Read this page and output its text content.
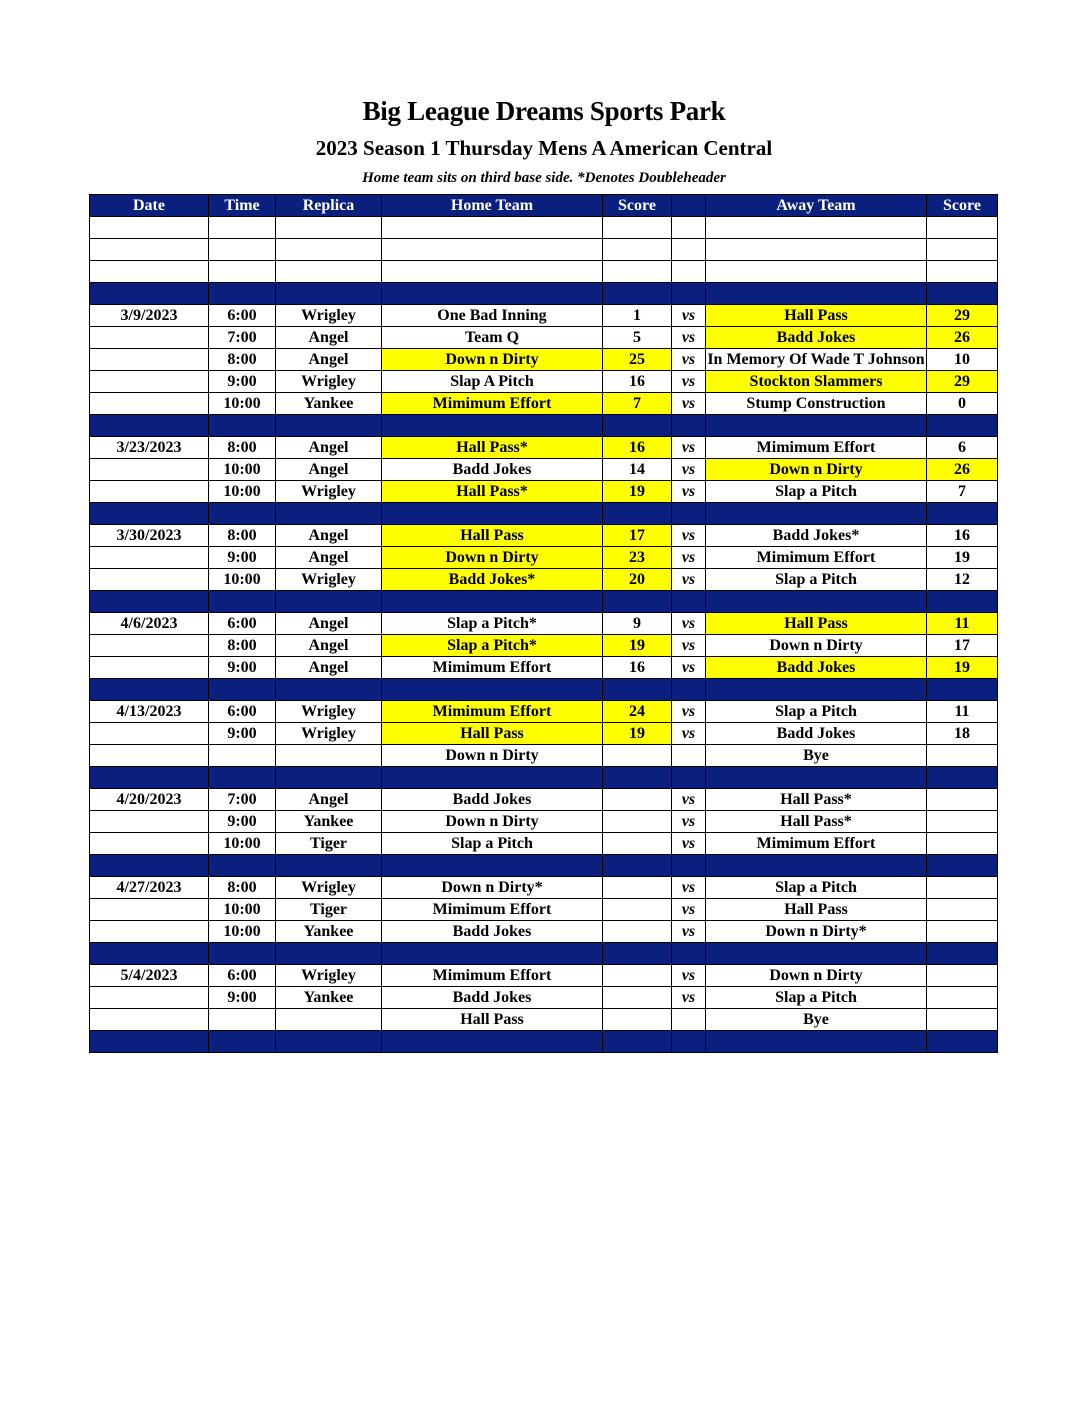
Big League Dreams Sports Park
2023 Season 1 Thursday Mens A American Central
Home team sits on third base side. *Denotes Doubleheader
Date	Time	Replica	Home Team	Score		Away Team	Score

3/9/2023	6:00	Wrigley	One Bad Inning	1	vs	Hall Pass	29
	7:00	Angel	Team Q	5	vs	Badd Jokes	26
	8:00	Angel	Down n Dirty	25	vs	In Memory Of Wade T Johnson	10
	9:00	Wrigley	Slap A Pitch	16	vs	Stockton Slammers	29
	10:00	Yankee	Mimimum Effort	7	vs	Stump Construction	0

3/23/2023	8:00	Angel	Hall Pass*	16	vs	Mimimum Effort	6
	10:00	Angel	Badd Jokes	14	vs	Down n Dirty	26
	10:00	Wrigley	Hall Pass*	19	vs	Slap a Pitch	7

3/30/2023	8:00	Angel	Hall Pass	17	vs	Badd Jokes*	16
	9:00	Angel	Down n Dirty	23	vs	Mimimum Effort	19
	10:00	Wrigley	Badd Jokes*	20	vs	Slap a Pitch	12

4/6/2023	6:00	Angel	Slap a Pitch*	9	vs	Hall Pass	11
	8:00	Angel	Slap a Pitch*	19	vs	Down n Dirty	17
	9:00	Angel	Mimimum Effort	16	vs	Badd Jokes	19

4/13/2023	6:00	Wrigley	Mimimum Effort	24	vs	Slap a Pitch	11
	9:00	Wrigley	Hall Pass	19	vs	Badd Jokes	18
			Down n Dirty			Bye	

4/20/2023	7:00	Angel	Badd Jokes		vs	Hall Pass*	
	9:00	Yankee	Down n Dirty		vs	Hall Pass*	
	10:00	Tiger	Slap a Pitch		vs	Mimimum Effort	

4/27/2023	8:00	Wrigley	Down n Dirty*		vs	Slap a Pitch	
	10:00	Tiger	Mimimum Effort		vs	Hall Pass	
	10:00	Yankee	Badd Jokes		vs	Down n Dirty*	

5/4/2023	6:00	Wrigley	Mimimum Effort		vs	Down n Dirty	
	9:00	Yankee	Badd Jokes		vs	Slap a Pitch	
			Hall Pass			Bye	
